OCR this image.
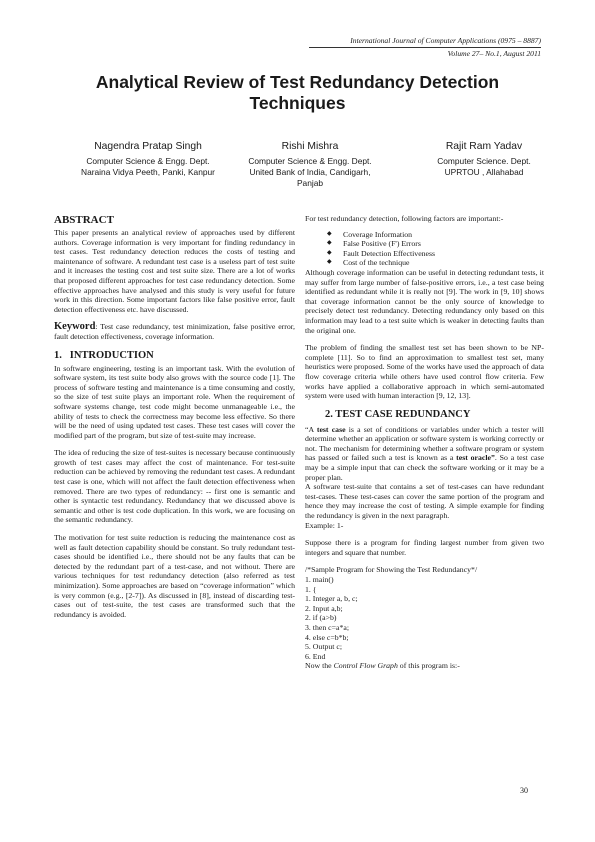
International Journal of Computer Applications (0975 – 8887)
Volume 27– No.1, August 2011
Analytical Review of Test Redundancy Detection Techniques
Nagendra Pratap Singh
Computer Science & Engg. Dept.
Naraina Vidya Peeth, Panki, Kanpur
Rishi Mishra
Computer Science & Engg. Dept.
United Bank of India, Candigarh, Panjab
Rajit Ram Yadav
Computer Science. Dept.
UPRTOU , Allahabad
ABSTRACT

This paper presents an analytical review of approaches used by different authors. Coverage information is very important for finding redundancy in test cases. Test redundancy detection reduces the costs of testing and maintenance of software. A redundant test case is a useless part of test suite and it increases the testing cost and test suite size. There are a lot of works that proposed different approaches for test case redundancy detection. Some effective approaches have analysed and this study is very useful for future work in this direction. Some important factors like false positive error, fault detection effectiveness etc. have discussed.

Keyword: Test case redundancy, test minimization, false positive error, fault detection effectiveness, coverage information.

1. INTRODUCTION

In software engineering, testing is an important task. With the evolution of software system, its test suite body also grows with the source code [1]. The process of software testing and maintenance is a time consuming and costly, so the size of test suite plays an important role. When the requirement of software systems change, test code might become unmanageable i.e., the ability of tests to check the correctness may become less effective. So there will be the need of using updated test cases. These test cases will cover the modified part of the program, but size of test-suite may increase.

The idea of reducing the size of test-suites is necessary because continuously growth of test cases may affect the cost of maintenance. For test-suite reduction can be achieved by removing the redundant test cases. A redundant test case is one, which will not affect the fault detection effectiveness when removed. There are two types of redundancy: -- first one is semantic and other is syntactic test redundancy. Redundancy that we discussed above is semantic and other is test code duplication. In this work, we are focusing on the semantic redundancy.

The motivation for test suite reduction is reducing the maintenance cost as well as fault detection capability should be constant. So truly redundant test-cases should be identified i.e., there should not be any faults that can be detected by the redundant part of a test-case, and not without. There are various techniques for test redundancy detection (also referred as test minimization). Some approaches are based on “coverage information” which is very common (e.g., [2-7]). As discussed in [8], instead of discarding test-cases out of test-suite, the test cases are transformed such that the redundancy is avoided.

For test redundancy detection, following factors are important:-
◆ Coverage Information
◆ False Positive (F') Errors
◆ Fault Detection Effectiveness
◆ Cost of the technique

Although coverage information can be useful in detecting redundant tests, it may suffer from large number of false-positive errors, i.e., a test case being identified as redundant while it is really not [9]. The work in [9, 10] shows that coverage information cannot be the only source of knowledge to precisely detect test redundancy. Detecting redundancy only based on this information may lead to a test suite which is weaker in detecting faults than the original one.

The problem of finding the smallest test set has been shown to be NP-complete [11]. So to find an approximation to smallest test set, many heuristics were proposed. Some of the works have used the approach of data flow coverage criteria while others have used control flow criteria. Few works have applied a collaborative approach in which semi-automated system were used with human interaction [9, 12, 13].

2. TEST CASE REDUNDANCY

“A test case is a set of conditions or variables under which a tester will determine whether an application or software system is working correctly or not. The mechanism for determining whether a software program or system has passed or failed such a test is known as a test oracle”. So a test case may be a simple input that can check the software working or it may be a proper plan.

A software test-suite that contains a set of test-cases can have redundant test-cases. These test-cases can cover the same portion of the program and hence they may increase the cost of testing. A simple example for finding the redundancy is given in the next paragraph.

Example: 1-

Suppose there is a program for finding largest number from given two integers and square that number.

/*Sample Program for Showing the Test Redundancy*/
1. main()
1. {
1. Integer a, b, c;
2. Input a,b;
2. if (a>b)
3. then c=a*a;
4. else c=b*b;
5. Output c;
6. End
Now the Control Flow Graph of this program is:-
30
